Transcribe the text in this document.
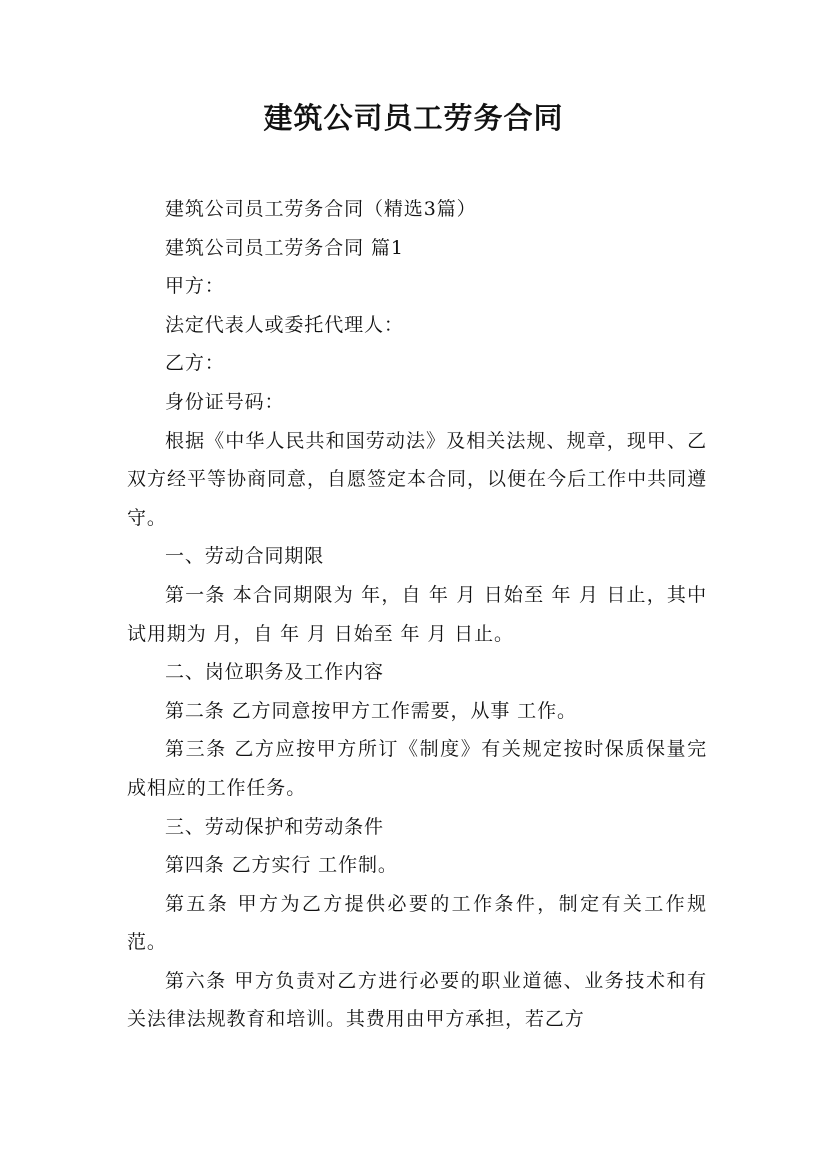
建筑公司员工劳务合同

建筑公司员工劳务合同（精选3篇）

建筑公司员工劳务合同 篇1

甲方：

法定代表人或委托代理人：

乙方：

身份证号码：

根据《中华人民共和国劳动法》及相关法规、规章，现甲、乙双方经平等协商同意，自愿签定本合同，以便在今后工作中共同遵守。

一、劳动合同期限

第一条 本合同期限为 年，自 年 月 日始至 年 月 日止，其中试用期为 月，自 年 月 日始至 年 月 日止。

二、岗位职务及工作内容

第二条 乙方同意按甲方工作需要，从事 工作。

第三条 乙方应按甲方所订《制度》有关规定按时保质保量完成相应的工作任务。

三、劳动保护和劳动条件

第四条 乙方实行 工作制。

第五条 甲方为乙方提供必要的工作条件，制定有关工作规范。

第六条 甲方负责对乙方进行必要的职业道德、业务技术和有关法律法规教育和培训。其费用由甲方承担，若乙方
